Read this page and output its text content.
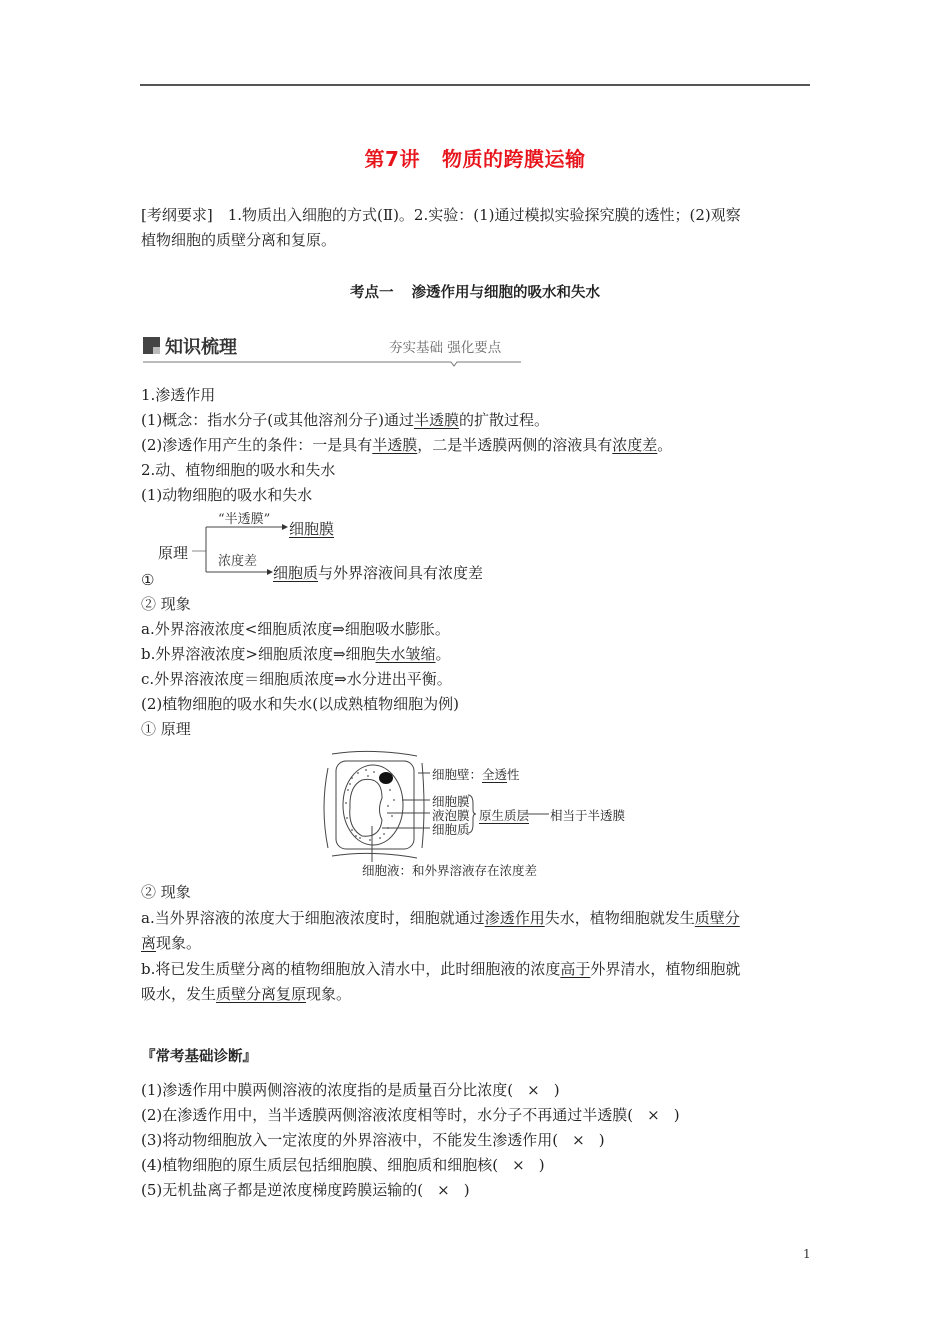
第7讲 物质的跨膜运输
[考纲要求]　1.物质出入细胞的方式(Ⅱ)。2.实验：(1)通过模拟实验探究膜的透性；(2)观察
植物细胞的质壁分离和复原。
考点一 渗透作用与细胞的吸水和失水
知识梳理	夯实基础 强化要点
1.渗透作用
(1)概念：指水分子(或其他溶剂分子)通过半透膜的扩散过程。
(2)渗透作用产生的条件：一是具有半透膜，二是半透膜两侧的溶液具有浓度差。
2.动、植物细胞的吸水和失水
(1)动物细胞的吸水和失水
原理
“半透膜”
细胞膜
浓度差
细胞质与外界溶液间具有浓度差
①
② 现象
a.外界溶液浓度<细胞质浓度⇒细胞吸水膨胀。
b.外界溶液浓度>细胞质浓度⇒细胞失水皱缩。
c.外界溶液浓度＝细胞质浓度⇒水分进出平衡。
(2)植物细胞的吸水和失水(以成熟植物细胞为例)
① 原理
细胞壁：全透性
细胞膜
液泡膜
细胞质
原生质层 相当于半透膜
细胞液：和外界溶液存在浓度差
② 现象
a.当外界溶液的浓度大于细胞液浓度时，细胞就通过渗透作用失水，植物细胞就发生质壁分
离现象。
b.将已发生质壁分离的植物细胞放入清水中，此时细胞液的浓度高于外界清水，植物细胞就
吸水，发生质壁分离复原现象。
『常考基础诊断』
(1)渗透作用中膜两侧溶液的浓度指的是质量百分比浓度( × )
(2)在渗透作用中，当半透膜两侧溶液浓度相等时，水分子不再通过半透膜( × )
(3)将动物细胞放入一定浓度的外界溶液中，不能发生渗透作用( × )
(4)植物细胞的原生质层包括细胞膜、细胞质和细胞核( × )
(5)无机盐离子都是逆浓度梯度跨膜运输的( × )
1
